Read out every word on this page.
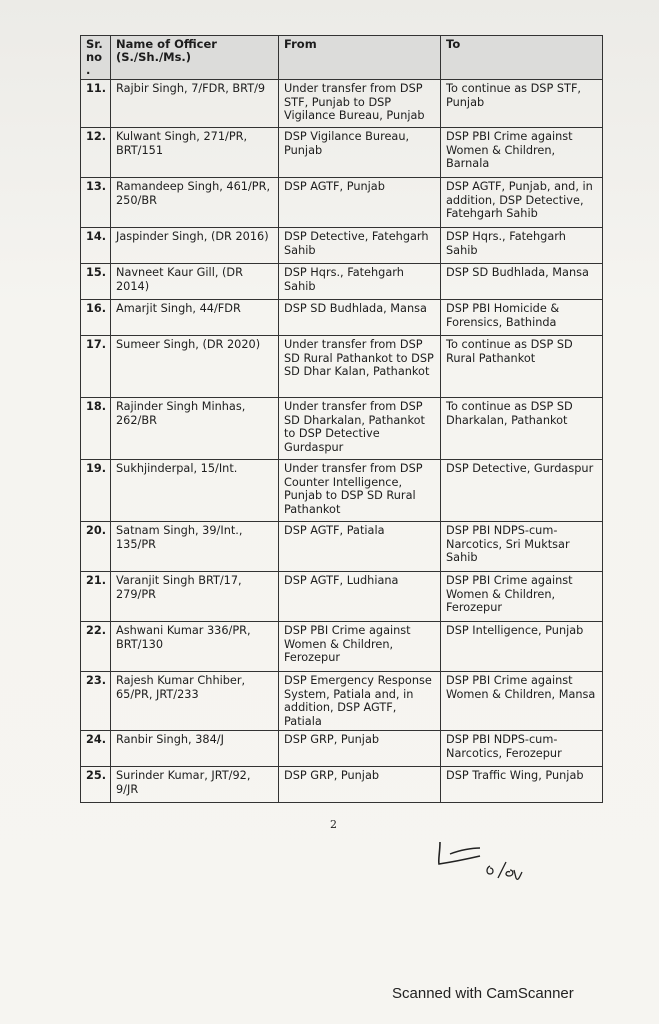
Sr. no.	Name of Officer (S./Sh./Ms.)	From	To
11.	Rajbir Singh, 7/FDR, BRT/9	Under transfer from DSP STF, Punjab to DSP Vigilance Bureau, Punjab	To continue as DSP STF, Punjab
12.	Kulwant Singh, 271/PR, BRT/151	DSP Vigilance Bureau, Punjab	DSP PBI Crime against Women & Children, Barnala
13.	Ramandeep Singh, 461/PR, 250/BR	DSP AGTF, Punjab	DSP AGTF, Punjab, and, in addition, DSP Detective, Fatehgarh Sahib
14.	Jaspinder Singh, (DR 2016)	DSP Detective, Fatehgarh Sahib	DSP Hqrs., Fatehgarh Sahib
15.	Navneet Kaur Gill, (DR 2014)	DSP Hqrs., Fatehgarh Sahib	DSP SD Budhlada, Mansa
16.	Amarjit Singh, 44/FDR	DSP SD Budhlada, Mansa	DSP PBI Homicide & Forensics, Bathinda
17.	Sumeer Singh, (DR 2020)	Under transfer from DSP SD Rural Pathankot to DSP SD Dhar Kalan, Pathankot	To continue as DSP SD Rural Pathankot
18.	Rajinder Singh Minhas, 262/BR	Under transfer from DSP SD Dharkalan, Pathankot to DSP Detective Gurdaspur	To continue as DSP SD Dharkalan, Pathankot
19.	Sukhjinderpal, 15/Int.	Under transfer from DSP Counter Intelligence, Punjab to DSP SD Rural Pathankot	DSP Detective, Gurdaspur
20.	Satnam Singh, 39/Int., 135/PR	DSP AGTF, Patiala	DSP PBI NDPS-cum-Narcotics, Sri Muktsar Sahib
21.	Varanjit Singh BRT/17, 279/PR	DSP AGTF, Ludhiana	DSP PBI Crime against Women & Children, Ferozepur
22.	Ashwani Kumar 336/PR, BRT/130	DSP PBI Crime against Women & Children, Ferozepur	DSP Intelligence, Punjab
23.	Rajesh Kumar Chhiber, 65/PR, JRT/233	DSP Emergency Response System, Patiala and, in addition, DSP AGTF, Patiala	DSP PBI Crime against Women & Children, Mansa
24.	Ranbir Singh, 384/J	DSP GRP, Punjab	DSP PBI NDPS-cum-Narcotics, Ferozepur
25.	Surinder Kumar, JRT/92, 9/JR	DSP GRP, Punjab	DSP Traffic Wing, Punjab
2
Scanned with CamScanner
